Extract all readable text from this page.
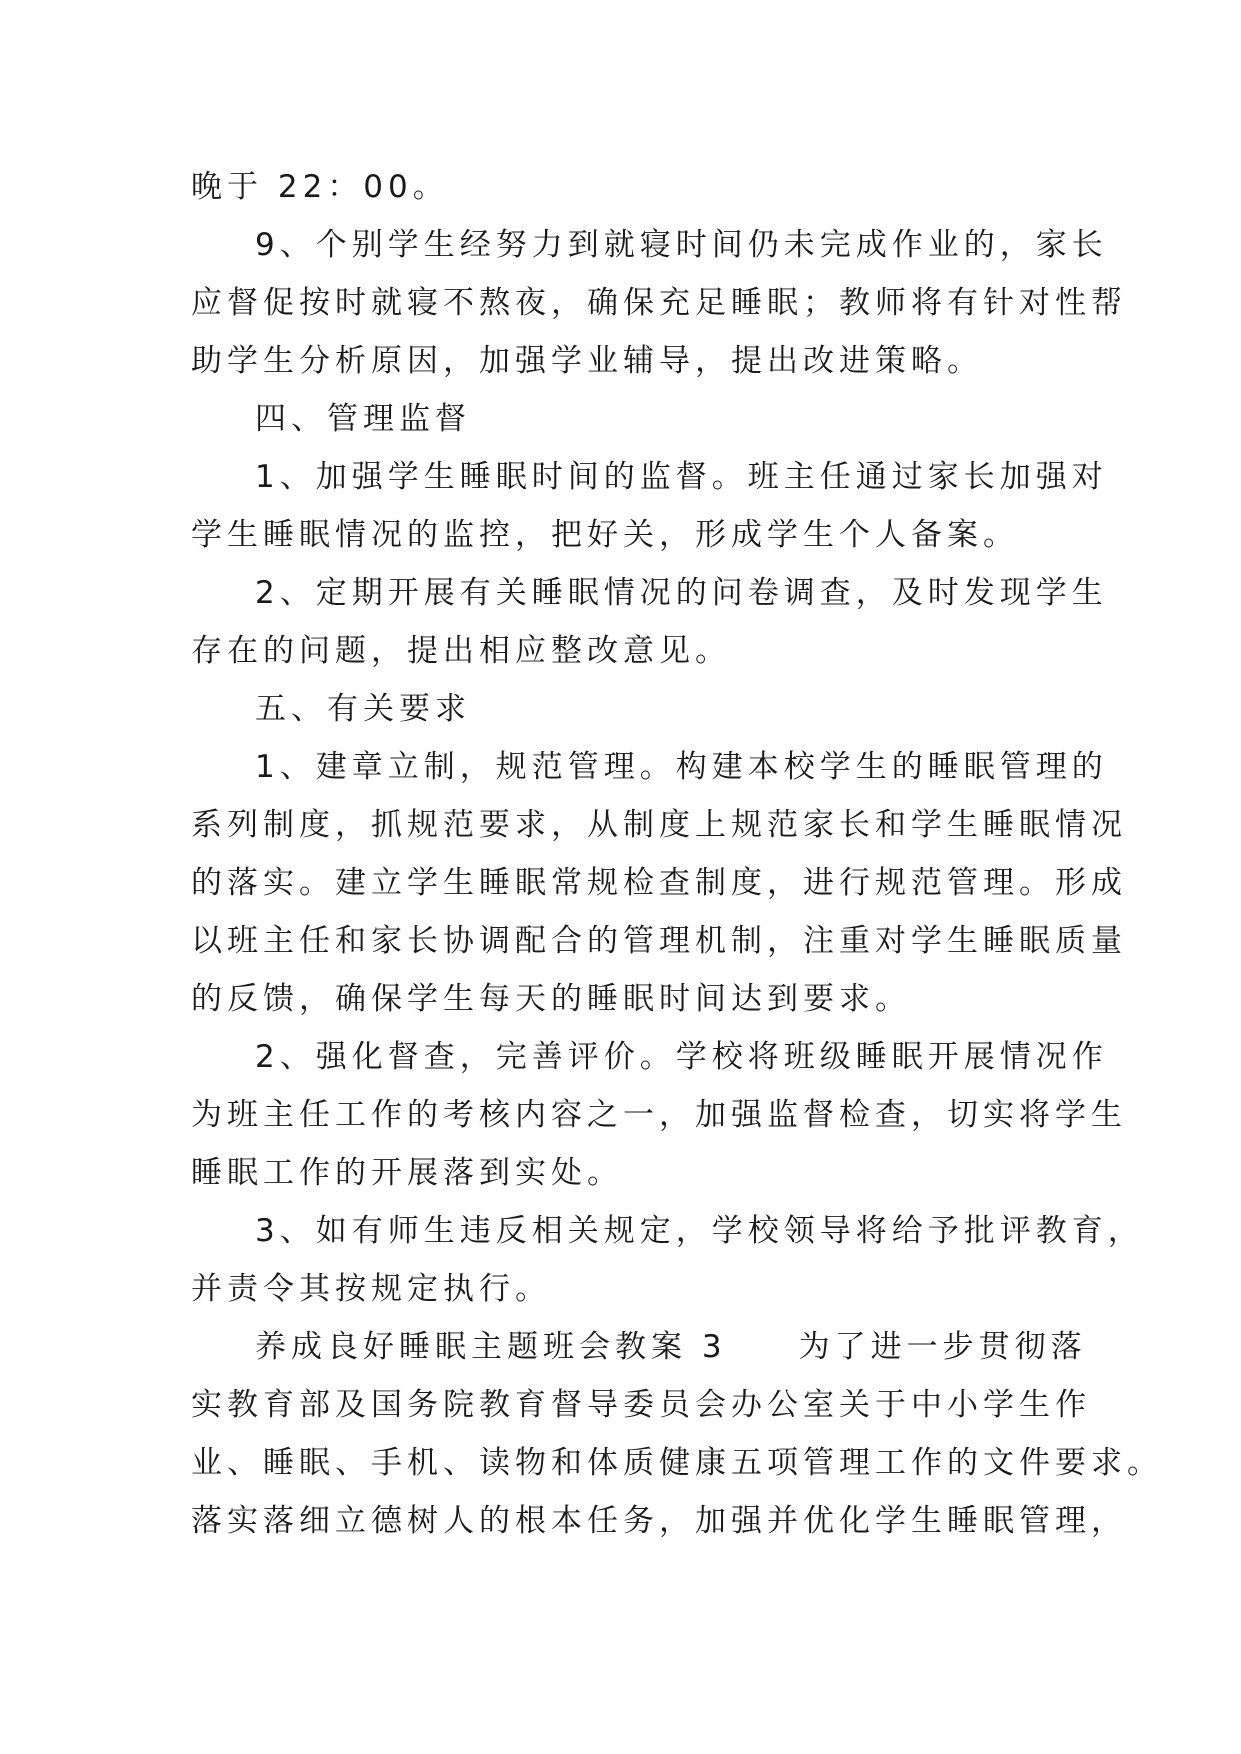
晚于 22：00。
9、个别学生经努力到就寝时间仍未完成作业的，家长
应督促按时就寝不熬夜，确保充足睡眠；教师将有针对性帮
助学生分析原因，加强学业辅导，提出改进策略。
四、管理监督
1、加强学生睡眠时间的监督。班主任通过家长加强对
学生睡眠情况的监控，把好关，形成学生个人备案。
2、定期开展有关睡眠情况的问卷调查，及时发现学生
存在的问题，提出相应整改意见。
五、有关要求
1、建章立制，规范管理。构建本校学生的睡眠管理的
系列制度，抓规范要求，从制度上规范家长和学生睡眠情况
的落实。建立学生睡眠常规检查制度，进行规范管理。形成
以班主任和家长协调配合的管理机制，注重对学生睡眠质量
的反馈，确保学生每天的睡眠时间达到要求。
2、强化督查，完善评价。学校将班级睡眠开展情况作
为班主任工作的考核内容之一，加强监督检查，切实将学生
睡眠工作的开展落到实处。
3、如有师生违反相关规定，学校领导将给予批评教育，
并责令其按规定执行。
养成良好睡眠主题班会教案 3　　为了进一步贯彻落
实教育部及国务院教育督导委员会办公室关于中小学生作
业、睡眠、手机、读物和体质健康五项管理工作的文件要求。
落实落细立德树人的根本任务，加强并优化学生睡眠管理，
